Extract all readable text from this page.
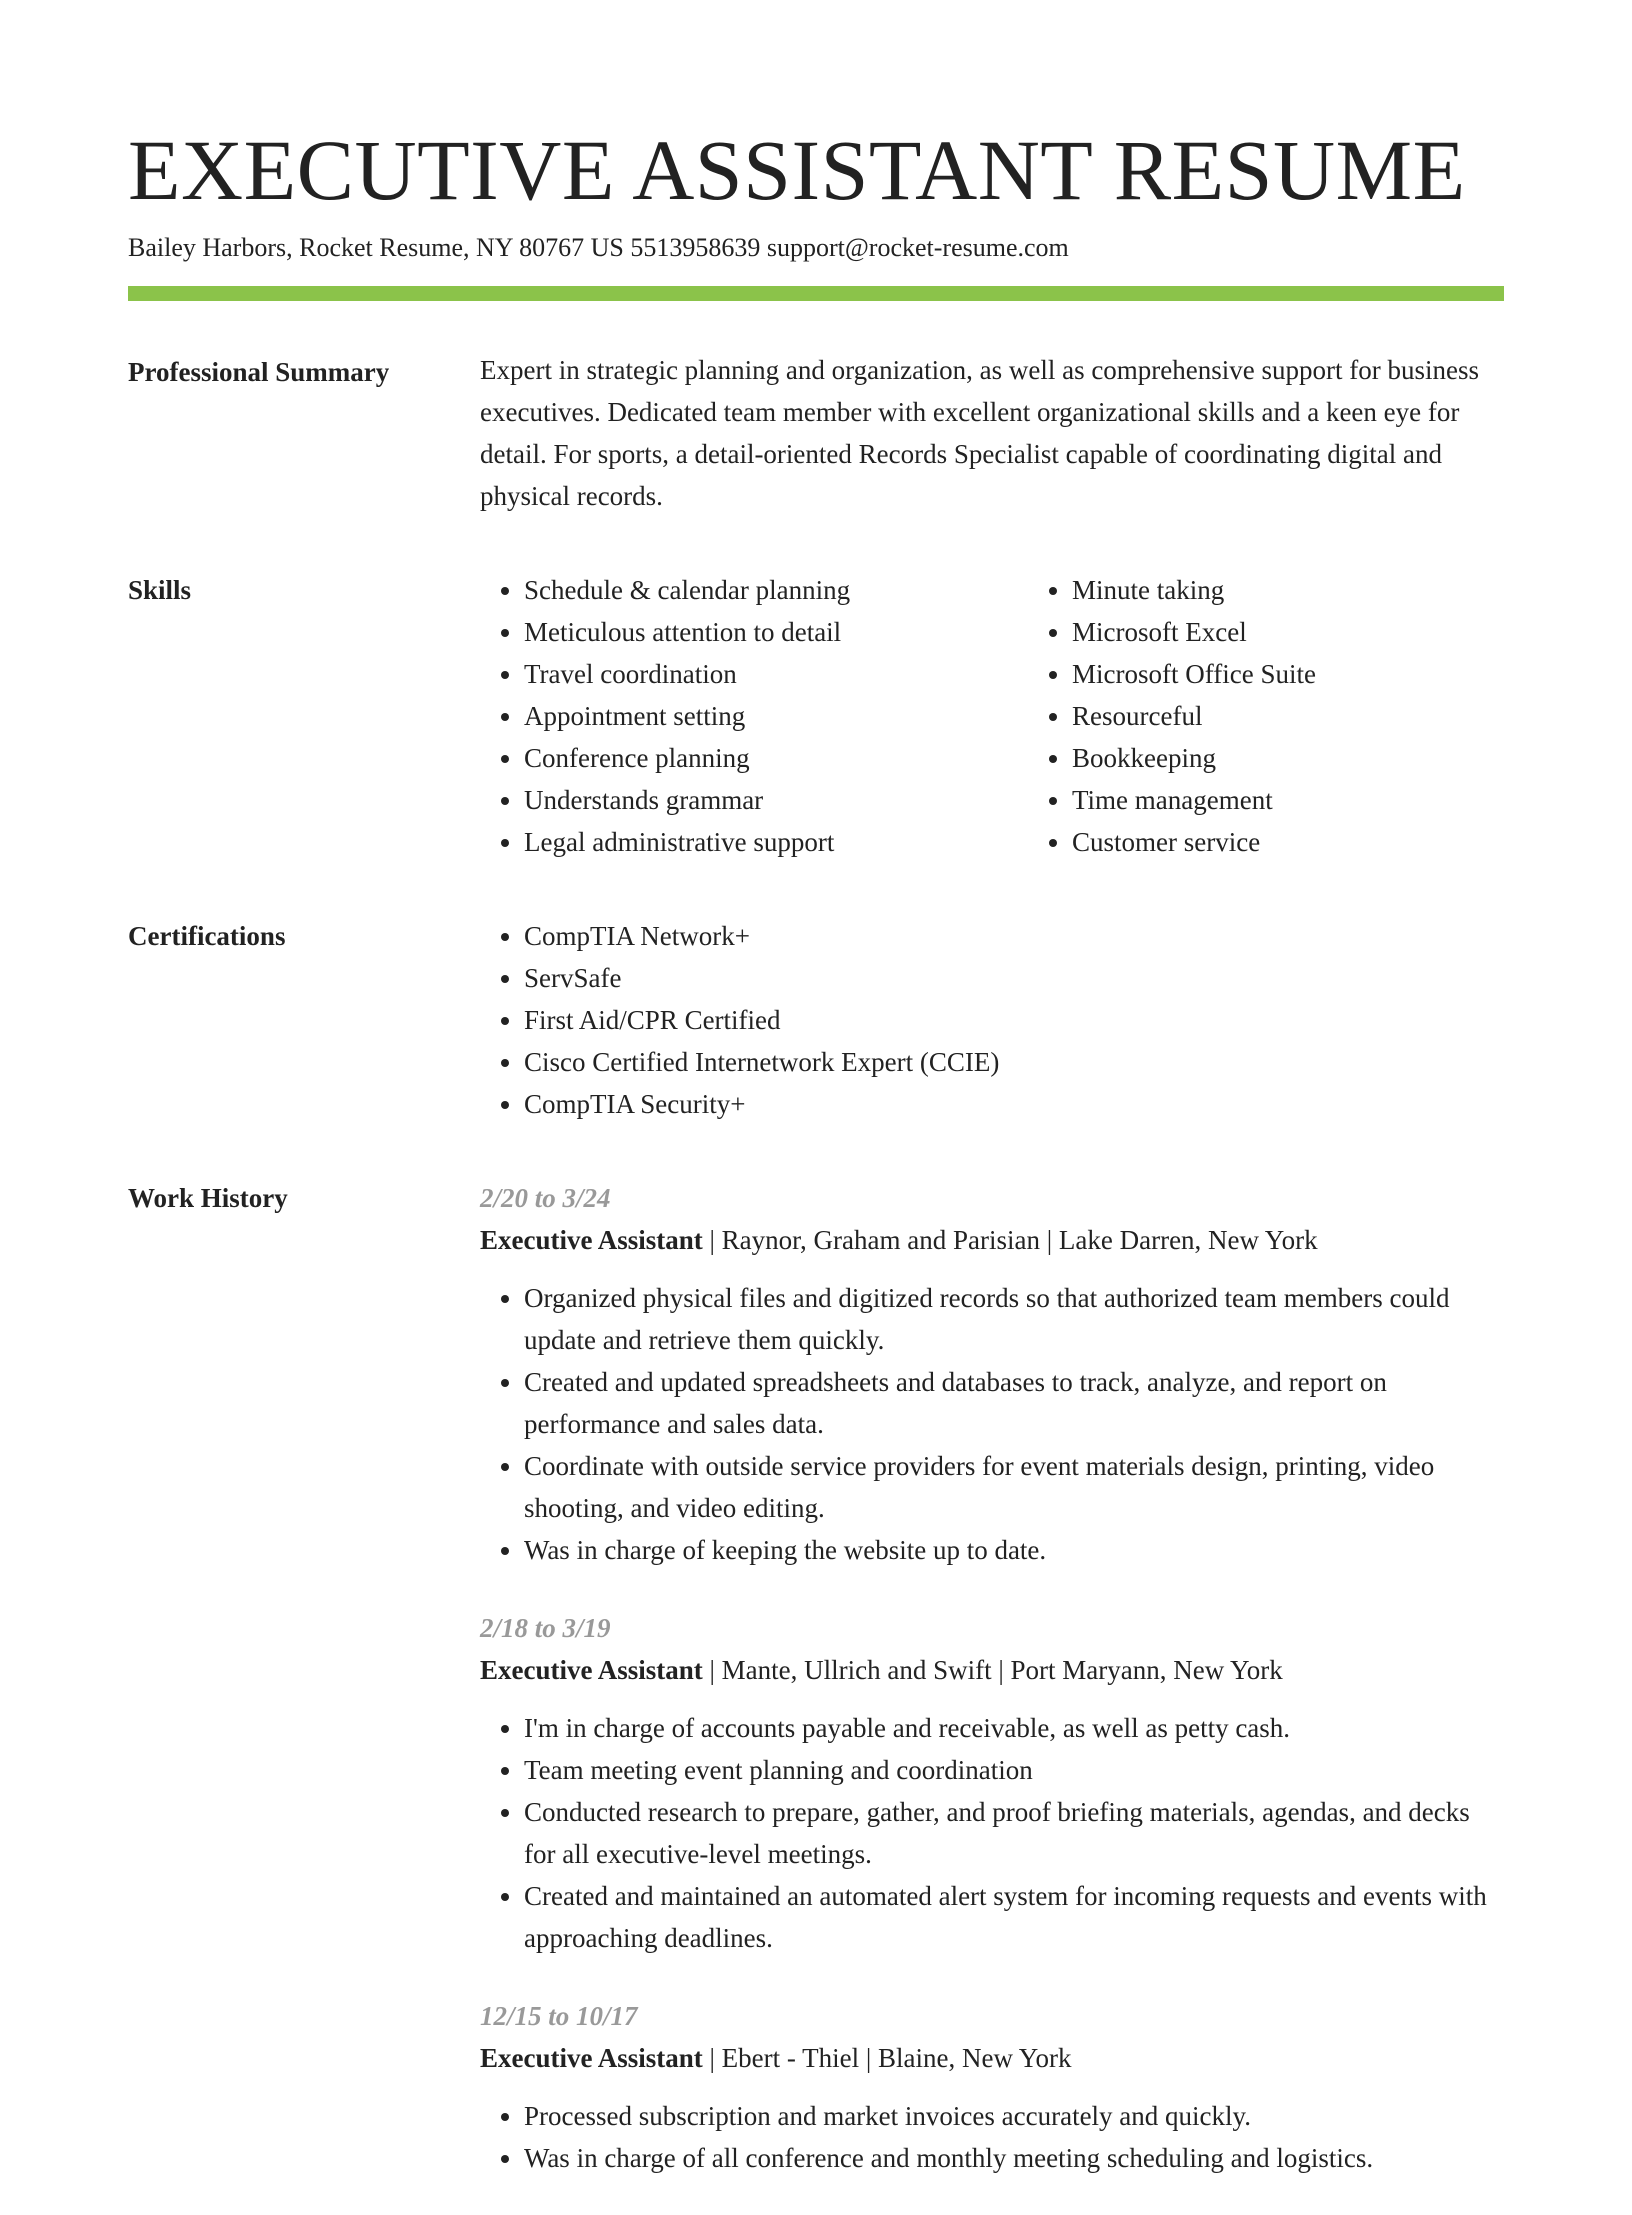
EXECUTIVE ASSISTANT RESUME
Bailey Harbors, Rocket Resume, NY 80767 US 5513958639 support@rocket-resume.com
Professional Summary	Expert in strategic planning and organization, as well as comprehensive support for business executives. Dedicated team member with excellent organizational skills and a keen eye for detail. For sports, a detail-oriented Records Specialist capable of coordinating digital and physical records.

Skills	• Schedule & calendar planning
• Meticulous attention to detail
• Travel coordination
• Appointment setting
• Conference planning
• Understands grammar
• Legal administrative support
• Minute taking
• Microsoft Excel
• Microsoft Office Suite
• Resourceful
• Bookkeeping
• Time management
• Customer service
Certifications	• CompTIA Network+
• ServSafe
• First Aid/CPR Certified
• Cisco Certified Internetwork Expert (CCIE)
• CompTIA Security+
Work History	2/20 to 3/24
Executive Assistant | Raynor, Graham and Parisian | Lake Darren, New York
• Organized physical files and digitized records so that authorized team members could update and retrieve them quickly.
• Created and updated spreadsheets and databases to track, analyze, and report on performance and sales data.
• Coordinate with outside service providers for event materials design, printing, video shooting, and video editing.
• Was in charge of keeping the website up to date.
2/18 to 3/19
Executive Assistant | Mante, Ullrich and Swift | Port Maryann, New York
• I'm in charge of accounts payable and receivable, as well as petty cash.
• Team meeting event planning and coordination
• Conducted research to prepare, gather, and proof briefing materials, agendas, and decks for all executive-level meetings.
• Created and maintained an automated alert system for incoming requests and events with approaching deadlines.
12/15 to 10/17
Executive Assistant | Ebert - Thiel | Blaine, New York
• Processed subscription and market invoices accurately and quickly.
• Was in charge of all conference and monthly meeting scheduling and logistics.
